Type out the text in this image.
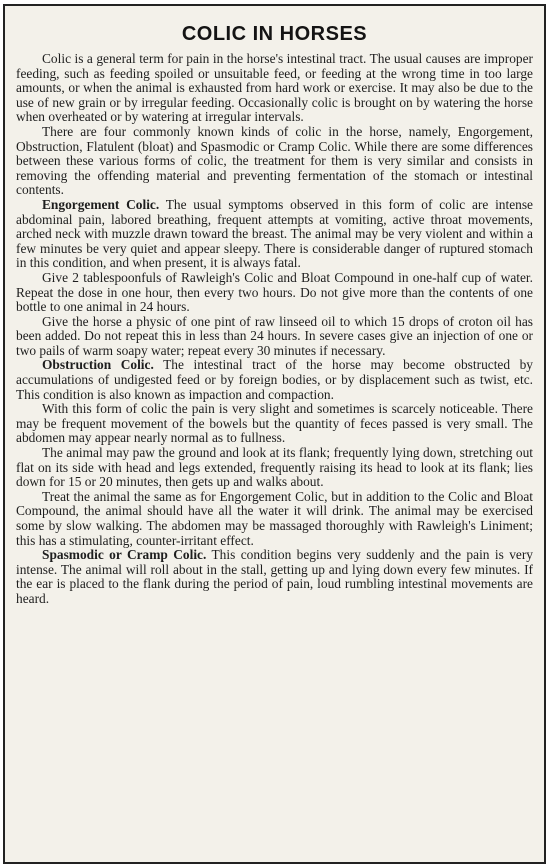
COLIC IN HORSES

Colic is a general term for pain in the horse's intestinal tract. The usual causes are improper feeding, such as feeding spoiled or unsuitable feed, or feeding at the wrong time in too large amounts, or when the animal is exhausted from hard work or exercise. It may also be due to the use of new grain or by irregular feeding. Occasionally colic is brought on by watering the horse when overheated or by watering at irregular intervals.

There are four commonly known kinds of colic in the horse, namely, Engorgement, Obstruction, Flatulent (bloat) and Spasmodic or Cramp Colic. While there are some differences between these various forms of colic, the treatment for them is very similar and consists in removing the offending material and preventing fermentation of the stomach or intestinal contents.

Engorgement Colic. The usual symptoms observed in this form of colic are intense abdominal pain, labored breathing, frequent attempts at vomiting, active throat movements, arched neck with muzzle drawn toward the breast. The animal may be very violent and within a few minutes be very quiet and appear sleepy. There is considerable danger of ruptured stomach in this condition, and when present, it is always fatal.

Give 2 tablespoonfuls of Rawleigh's Colic and Bloat Compound in one-half cup of water. Repeat the dose in one hour, then every two hours. Do not give more than the contents of one bottle to one animal in 24 hours.

Give the horse a physic of one pint of raw linseed oil to which 15 drops of croton oil has been added. Do not repeat this in less than 24 hours. In severe cases give an injection of one or two pails of warm soapy water; repeat every 30 minutes if necessary.

Obstruction Colic. The intestinal tract of the horse may become obstructed by accumulations of undigested feed or by foreign bodies, or by displacement such as twist, etc. This condition is also known as impaction and compaction.

With this form of colic the pain is very slight and sometimes is scarcely noticeable. There may be frequent movement of the bowels but the quantity of feces passed is very small. The abdomen may appear nearly normal as to fullness.

The animal may paw the ground and look at its flank; frequently lying down, stretching out flat on its side with head and legs extended, frequently raising its head to look at its flank; lies down for 15 or 20 minutes, then gets up and walks about.

Treat the animal the same as for Engorgement Colic, but in addition to the Colic and Bloat Compound, the animal should have all the water it will drink. The animal may be exercised some by slow walking. The abdomen may be massaged thoroughly with Rawleigh's Liniment; this has a stimulating, counter-irritant effect.

Spasmodic or Cramp Colic. This condition begins very suddenly and the pain is very intense. The animal will roll about in the stall, getting up and lying down every few minutes. If the ear is placed to the flank during the period of pain, loud rumbling intestinal movements are heard.
